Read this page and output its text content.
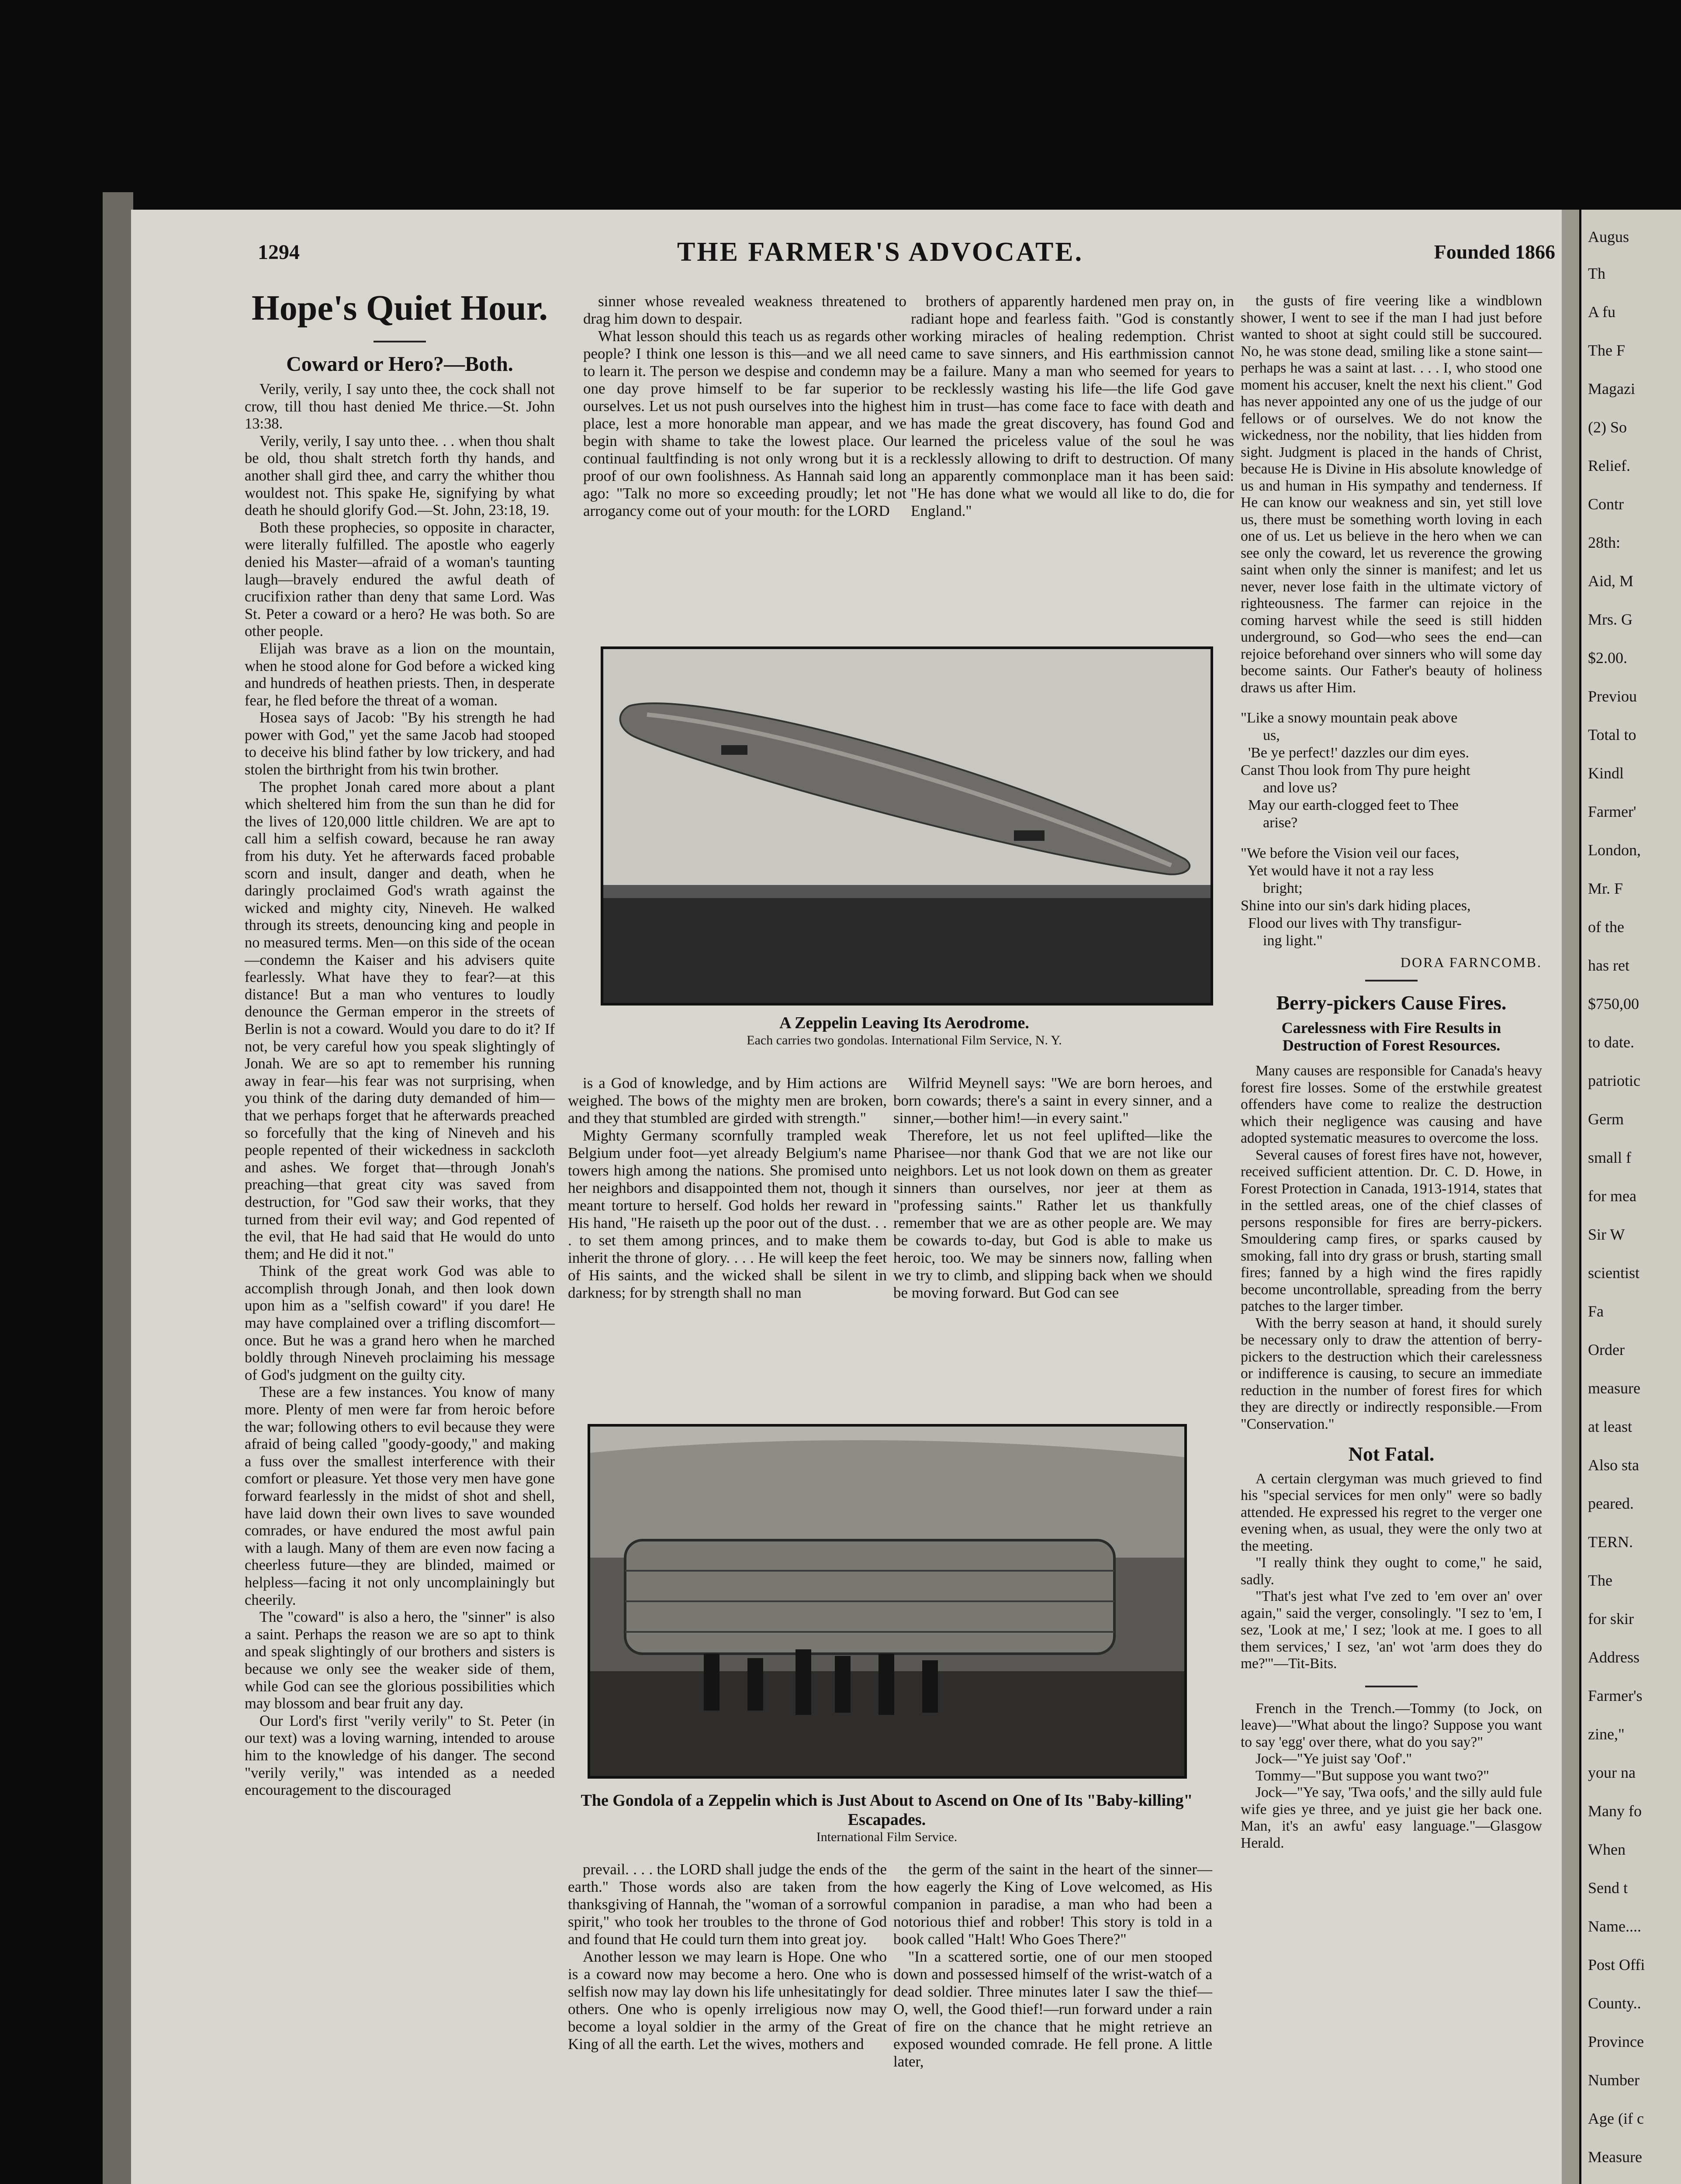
1294	THE FARMER'S ADVOCATE.	Founded 1866
Hope's Quiet Hour.
Coward or Hero?—Both.

Verily, verily, I say unto thee, the cock shall not crow, till thou hast denied Me thrice.—St. John 13:38.

Verily, verily, I say unto thee. . . when thou shalt be old, thou shalt stretch forth thy hands, and another shall gird thee, and carry the whither thou wouldest not. This spake He, signifying by what death he should glorify God.—St. John, 23:18, 19.

Both these prophecies, so opposite in character, were literally fulfilled. The apostle who eagerly denied his Master—afraid of a woman's taunting laugh—bravely endured the awful death of crucifixion rather than deny that same Lord. Was St. Peter a coward or a hero? He was both. So are other people.

Elijah was brave as a lion on the mountain, when he stood alone for God before a wicked king and hundreds of heathen priests. Then, in desperate fear, he fled before the threat of a woman.

Hosea says of Jacob: "By his strength he had power with God," yet the same Jacob had stooped to deceive his blind father by low trickery, and had stolen the birthright from his twin brother.

The prophet Jonah cared more about a plant which sheltered him from the sun than he did for the lives of 120,000 little children. We are apt to call him a selfish coward, because he ran away from his duty. Yet he afterwards faced probable scorn and insult, danger and death, when he daringly proclaimed God's wrath against the wicked and mighty city, Nineveh. He walked through its streets, denouncing king and people in no measured terms. Men—on this side of the ocean—condemn the Kaiser and his advisers quite fearlessly. What have they to fear?—at this distance! But a man who ventures to loudly denounce the German emperor in the streets of Berlin is not a coward. Would you dare to do it? If not, be very careful how you speak slightingly of Jonah. We are so apt to remember his running away in fear—his fear was not surprising, when you think of the daring duty demanded of him—that we perhaps forget that he afterwards preached so forcefully that the king of Nineveh and his people repented of their wickedness in sackcloth and ashes. We forget that—through Jonah's preaching—that great city was saved from destruction, for "God saw their works, that they turned from their evil way; and God repented of the evil, that He had said that He would do unto them; and He did it not."

Think of the great work God was able to accomplish through Jonah, and then look down upon him as a "selfish coward" if you dare! He may have complained over a trifling discomfort—once. But he was a grand hero when he marched boldly through Nineveh proclaiming his message of God's judgment on the guilty city.

These are a few instances. You know of many more. Plenty of men were far from heroic before the war; following others to evil because they were afraid of being called "goody-goody," and making a fuss over the smallest interference with their comfort or pleasure. Yet those very men have gone forward fearlessly in the midst of shot and shell, have laid down their own lives to save wounded comrades, or have endured the most awful pain with a laugh. Many of them are even now facing a cheerless future—they are blinded, maimed or helpless—facing it not only uncomplainingly but cheerily.

The "coward" is also a hero, the "sinner" is also a saint. Perhaps the reason we are so apt to think and speak slightingly of our brothers and sisters is because we only see the weaker side of them, while God can see the glorious possibilities which may blossom and bear fruit any day.

Our Lord's first "verily verily" to St. Peter (in our text) was a loving warning, intended to arouse him to the knowledge of his danger. The second "verily verily," was intended as a needed encouragement to the discouraged

sinner whose revealed weakness threatened to drag him down to despair.

What lesson should this teach us as regards other people? I think one lesson is this—and we all need to learn it. The person we despise and condemn may one day prove himself to be far superior to ourselves. Let us not push ourselves into the highest place, lest a more honorable man appear, and we begin with shame to take the lowest place. Our continual faultfinding is not only wrong but it is a proof of our own foolishness. As Hannah said long ago: "Talk no more so exceeding proudly; let not arrogancy come out of your mouth: for the LORD

brothers of apparently hardened men pray on, in radiant hope and fearless faith. "God is constantly working miracles of healing redemption. Christ came to save sinners, and His earthmission cannot be a failure. Many a man who seemed for years to be recklessly wasting his life—the life God gave him in trust—has come face to face with death and has made the great discovery, has found God and learned the priceless value of the soul he was recklessly allowing to drift to destruction. Of many an apparently commonplace man it has been said: "He has done what we would all like to do, die for England."

A Zeppelin Leaving Its Aerodrome.
Each carries two gondolas. International Film Service, N. Y.

is a God of knowledge, and by Him actions are weighed. The bows of the mighty men are broken, and they that stumbled are girded with strength."

Mighty Germany scornfully trampled weak Belgium under foot—yet already Belgium's name towers high among the nations. She promised unto her neighbors and disappointed them not, though it meant torture to herself. God holds her reward in His hand, "He raiseth up the poor out of the dust. . . . to set them among princes, and to make them inherit the throne of glory. . . . He will keep the feet of His saints, and the wicked shall be silent in darkness; for by strength shall no man

Wilfrid Meynell says: "We are born heroes, and born cowards; there's a saint in every sinner, and a sinner,—bother him!—in every saint."

Therefore, let us not feel uplifted—like the Pharisee—nor thank God that we are not like our neighbors. Let us not look down on them as greater sinners than ourselves, nor jeer at them as "professing saints." Rather let us thankfully remember that we are as other people are. We may be cowards to-day, but God is able to make us heroic, too. We may be sinners now, falling when we try to climb, and slipping back when we should be moving forward. But God can see

The Gondola of a Zeppelin which is Just About to Ascend on One of Its "Baby-killing" Escapades.
International Film Service.

prevail. . . . the LORD shall judge the ends of the earth." Those words also are taken from the thanksgiving of Hannah, the "woman of a sorrowful spirit," who took her troubles to the throne of God and found that He could turn them into great joy.

Another lesson we may learn is Hope. One who is a coward now may become a hero. One who is selfish now may lay down his life unhesitatingly for others. One who is openly irreligious now may become a loyal soldier in the army of the Great King of all the earth. Let the wives, mothers and

the germ of the saint in the heart of the sinner—how eagerly the King of Love welcomed, as His companion in paradise, a man who had been a notorious thief and robber! This story is told in a book called "Halt! Who Goes There?"

"In a scattered sortie, one of our men stooped down and possessed himself of the wrist-watch of a dead soldier. Three minutes later I saw the thief—O, well, the Good thief!—run forward under a rain of fire on the chance that he might retrieve an exposed wounded comrade. He fell prone. A little later,

the gusts of fire veering like a windblown shower, I went to see if the man I had just before wanted to shoot at sight could still be succoured. No, he was stone dead, smiling like a stone saint—perhaps he was a saint at last. . . . I, who stood one moment his accuser, knelt the next his client." God has never appointed any one of us the judge of our fellows or of ourselves. We do not know the wickedness, nor the nobility, that lies hidden from sight. Judgment is placed in the hands of Christ, because He is Divine in His absolute knowledge of us and human in His sympathy and tenderness. If He can know our weakness and sin, yet still love us, there must be something worth loving in each one of us. Let us believe in the hero when we can see only the coward, let us reverence the growing saint when only the sinner is manifest; and let us never, never lose faith in the ultimate victory of righteousness. The farmer can rejoice in the coming harvest while the seed is still hidden underground, so God—who sees the end—can rejoice beforehand over sinners who will some day become saints. Our Father's beauty of holiness draws us after Him.

"Like a snowy mountain peak above
us,
'Be ye perfect!' dazzles our dim eyes.
Canst Thou look from Thy pure height
and love us?
May our earth-clogged feet to Thee
arise?
"We before the Vision veil our faces,
Yet would have it not a ray less
bright;
Shine into our sin's dark hiding places,
Flood our lives with Thy transfigur-
ing light."
DORA FARNCOMB.
Berry-pickers Cause Fires.
Carelessness with Fire Results in Destruction of Forest Resources.

Many causes are responsible for Canada's heavy forest fire losses. Some of the erstwhile greatest offenders have come to realize the destruction which their negligence was causing and have adopted systematic measures to overcome the loss.

Several causes of forest fires have not, however, received sufficient attention. Dr. C. D. Howe, in Forest Protection in Canada, 1913-1914, states that in the settled areas, one of the chief classes of persons responsible for fires are berry-pickers. Smouldering camp fires, or sparks caused by smoking, fall into dry grass or brush, starting small fires; fanned by a high wind the fires rapidly become uncontrollable, spreading from the berry patches to the larger timber.

With the berry season at hand, it should surely be necessary only to draw the attention of berry-pickers to the destruction which their carelessness or indifference is causing, to secure an immediate reduction in the number of forest fires for which they are directly or indirectly responsible.—From "Conservation."

Not Fatal.

A certain clergyman was much grieved to find his "special services for men only" were so badly attended. He expressed his regret to the verger one evening when, as usual, they were the only two at the meeting.

"I really think they ought to come," he said, sadly.

"That's jest what I've zed to 'em over an' over again," said the verger, consolingly. "I sez to 'em, I sez, 'Look at me,' I sez; 'look at me. I goes to all them services,' I sez, 'an' wot 'arm does they do me?'"—Tit-Bits.

French in the Trench.—Tommy (to Jock, on leave)—"What about the lingo? Suppose you want to say 'egg' over there, what do you say?"

Jock—"Ye juist say 'Oof'."

Tommy—"But suppose you want two?"

Jock—"Ye say, 'Twa oofs,' and the silly auld fule wife gies ye three, and ye juist gie her back one. Man, it's an awfu' easy language."—Glasgow Herald.

Augus
Th
A fu
The F
Magazi
(2) So
Relief.
Contr
28th:
Aid, M
Mrs. G
$2.00.
Previou
Total to
Kindl
Farmer'
London,
Mr. F
of the
has ret
$750,00
to date.
patriotic
Germ
small f
for mea
Sir W
scientist
Fa
Order
measure
at least
Also sta
peared.
TERN.
The
for skir
Address
Farmer's
zine,"
your na
Many fo
When
Send t
Name....
Post Offi
County..
Province
Number
Age (if c
Measure
